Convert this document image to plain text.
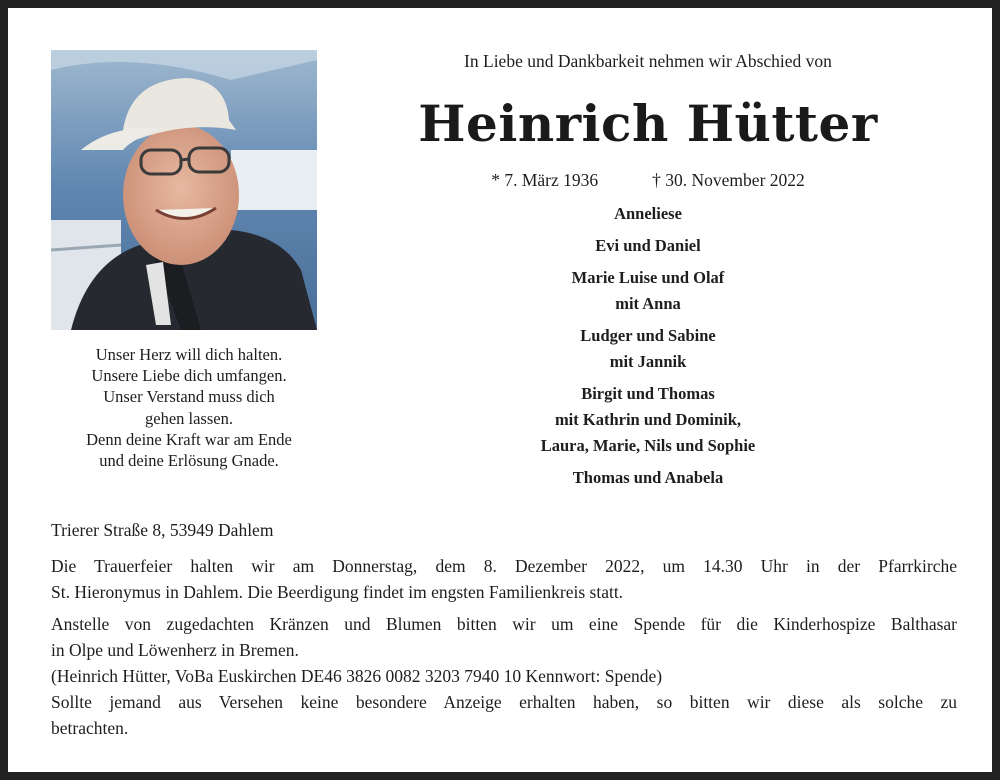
Unser Herz will dich halten.
Unsere Liebe dich umfangen.
Unser Verstand muss dich
gehen lassen.
Denn deine Kraft war am Ende
und deine Erlösung Gnade.
In Liebe und Dankbarkeit nehmen wir Abschied von
Heinrich Hütter
* 7. März 1936	† 30. November 2022
Anneliese
Evi und Daniel
Marie Luise und Olaf
mit Anna
Ludger und Sabine
mit Jannik
Birgit und Thomas
mit Kathrin und Dominik,
Laura, Marie, Nils und Sophie
Thomas und Anabela
Trierer Straße 8, 53949 Dahlem
Die Trauerfeier halten wir am Donnerstag, dem 8. Dezember 2022, um 14.30 Uhr in der Pfarrkirche
St. Hieronymus in Dahlem. Die Beerdigung findet im engsten Familienkreis statt.
Anstelle von zugedachten Kränzen und Blumen bitten wir um eine Spende für die Kinderhospize Balthasar
in Olpe und Löwenherz in Bremen.
(Heinrich Hütter, VoBa Euskirchen DE46 3826 0082 3203 7940 10 Kennwort: Spende)
Sollte jemand aus Versehen keine besondere Anzeige erhalten haben, so bitten wir diese als solche zu
betrachten.
